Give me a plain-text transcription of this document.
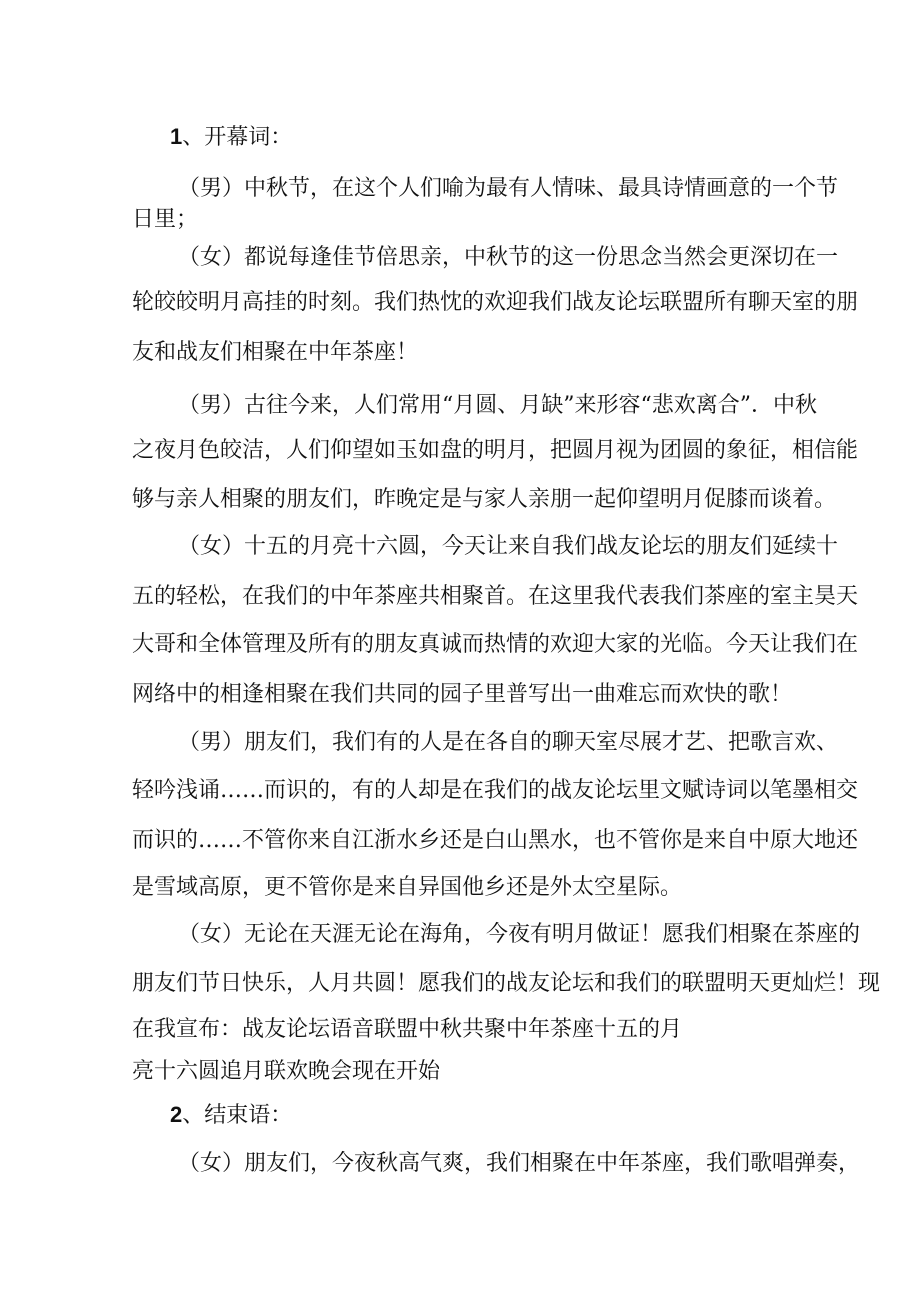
1、开幕词：
（男）中秋节，在这个人们喻为最有人情味、最具诗情画意的一个节
日里；
（女）都说每逢佳节倍思亲，中秋节的这一份思念当然会更深切在一
轮皎皎明月高挂的时刻。我们热忱的欢迎我们战友论坛联盟所有聊天室的朋
友和战友们相聚在中年茶座！
（男）古往今来，人们常用“月圆、月缺”来形容“悲欢离合”．中秋
之夜月色皎洁，人们仰望如玉如盘的明月，把圆月视为团圆的象征，相信能
够与亲人相聚的朋友们，昨晚定是与家人亲朋一起仰望明月促膝而谈着。
（女）十五的月亮十六圆，今天让来自我们战友论坛的朋友们延续十
五的轻松，在我们的中年茶座共相聚首。在这里我代表我们茶座的室主昊天
大哥和全体管理及所有的朋友真诚而热情的欢迎大家的光临。今天让我们在
网络中的相逢相聚在我们共同的园子里普写出一曲难忘而欢快的歌！
（男）朋友们，我们有的人是在各自的聊天室尽展才艺、把歌言欢、
轻吟浅诵……而识的，有的人却是在我们的战友论坛里文赋诗词以笔墨相交
而识的……不管你来自江浙水乡还是白山黑水，也不管你是来自中原大地还
是雪域高原，更不管你是来自异国他乡还是外太空星际。
（女）无论在天涯无论在海角，今夜有明月做证！愿我们相聚在茶座的
朋友们节日快乐，人月共圆！愿我们的战友论坛和我们的联盟明天更灿烂！现
在我宣布：战友论坛语音联盟中秋共聚中年茶座十五的月
亮十六圆追月联欢晚会现在开始
2、结束语：
（女）朋友们，今夜秋高气爽，我们相聚在中年茶座，我们歌唱弹奏，
